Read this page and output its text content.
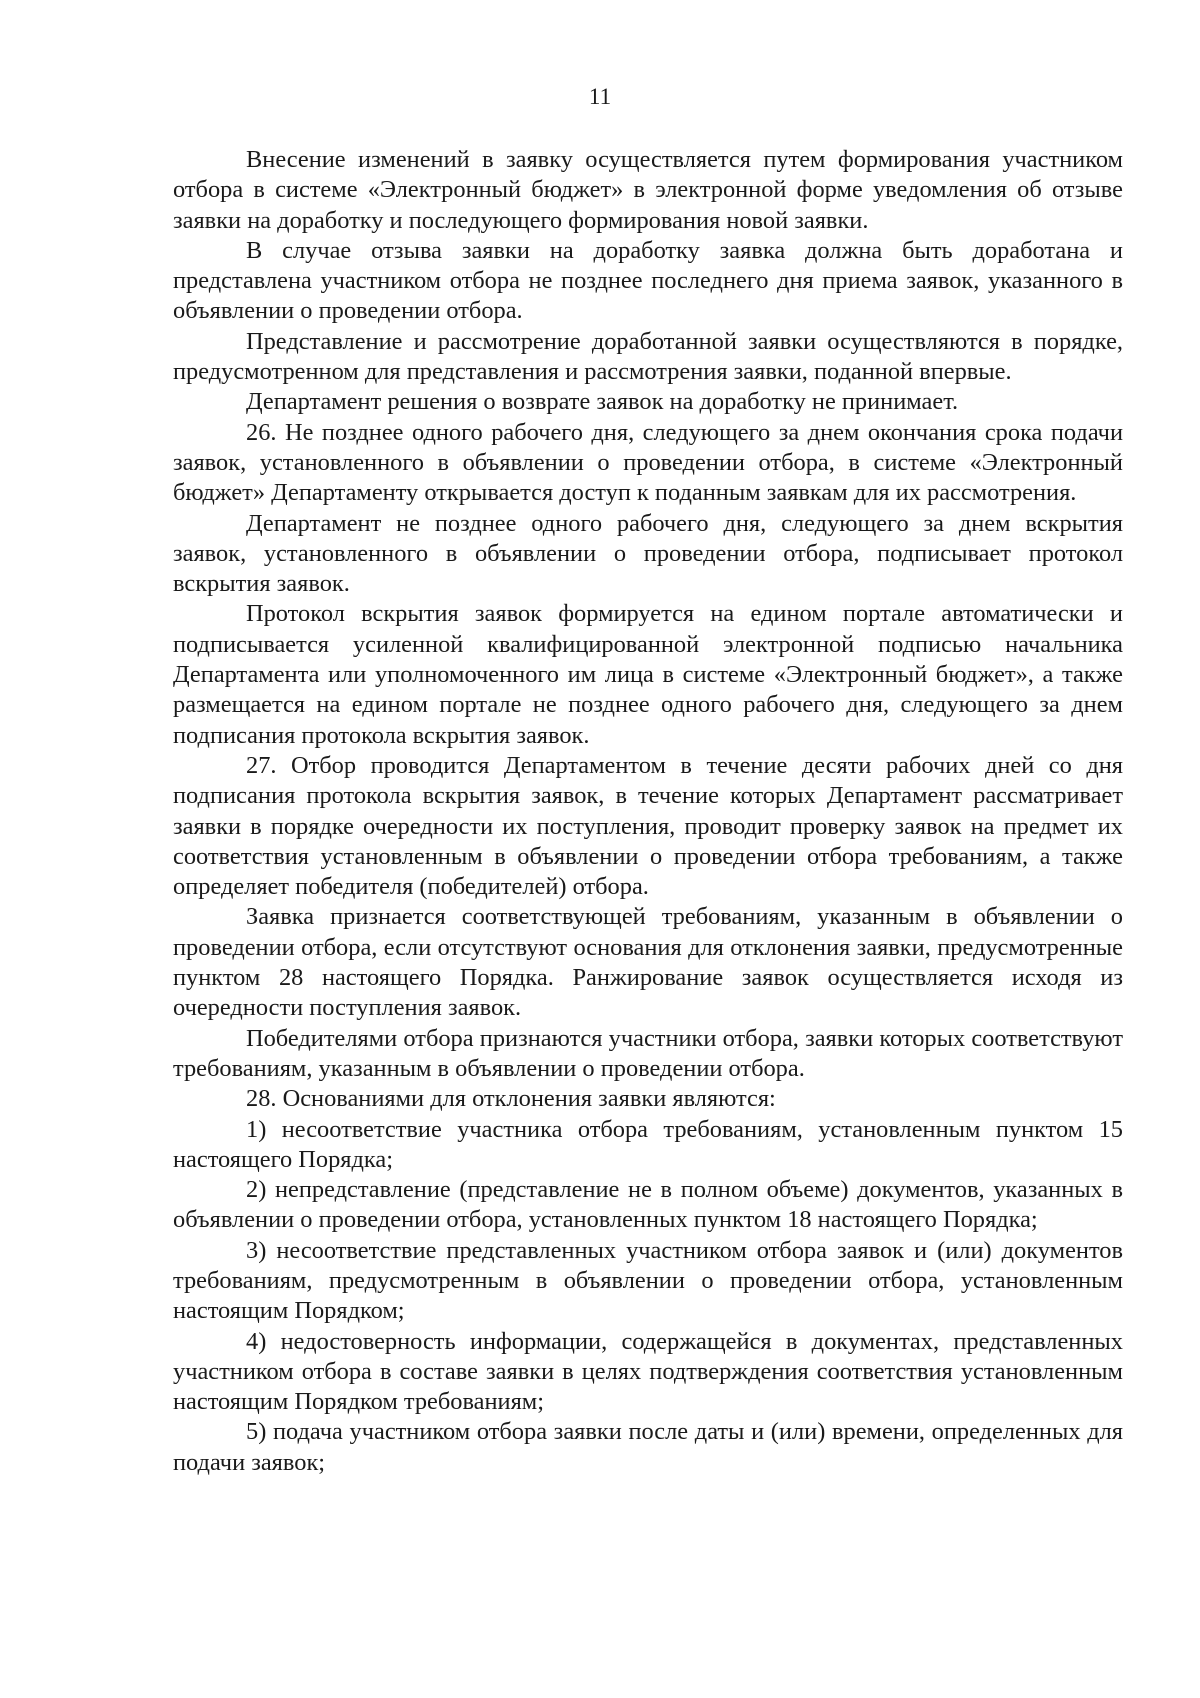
11

Внесение изменений в заявку осуществляется путем формирования участником отбора в системе «Электронный бюджет» в электронной форме уведомления об отзыве заявки на доработку и последующего формирования новой заявки.

В случае отзыва заявки на доработку заявка должна быть доработана и представлена участником отбора не позднее последнего дня приема заявок, указанного в объявлении о проведении отбора.

Представление и рассмотрение доработанной заявки осуществляются в порядке, предусмотренном для представления и рассмотрения заявки, поданной впервые.

Департамент решения о возврате заявок на доработку не принимает.

26. Не позднее одного рабочего дня, следующего за днем окончания срока подачи заявок, установленного в объявлении о проведении отбора, в системе «Электронный бюджет» Департаменту открывается доступ к поданным заявкам для их рассмотрения.

Департамент не позднее одного рабочего дня, следующего за днем вскрытия заявок, установленного в объявлении о проведении отбора, подписывает протокол вскрытия заявок.

Протокол вскрытия заявок формируется на едином портале автоматически и подписывается усиленной квалифицированной электронной подписью начальника Департамента или уполномоченного им лица в системе «Электронный бюджет», а также размещается на едином портале не позднее одного рабочего дня, следующего за днем подписания протокола вскрытия заявок.

27. Отбор проводится Департаментом в течение десяти рабочих дней со дня подписания протокола вскрытия заявок, в течение которых Департамент рассматривает заявки в порядке очередности их поступления, проводит проверку заявок на предмет их соответствия установленным в объявлении о проведении отбора требованиям, а также определяет победителя (победителей) отбора.

Заявка признается соответствующей требованиям, указанным в объявлении о проведении отбора, если отсутствуют основания для отклонения заявки, предусмотренные пунктом 28 настоящего Порядка. Ранжирование заявок осуществляется исходя из очередности поступления заявок.

Победителями отбора признаются участники отбора, заявки которых соответствуют требованиям, указанным в объявлении о проведении отбора.

28. Основаниями для отклонения заявки являются:

1) несоответствие участника отбора требованиям, установленным пунктом 15 настоящего Порядка;

2) непредставление (представление не в полном объеме) документов, указанных в объявлении о проведении отбора, установленных пунктом 18 настоящего Порядка;

3) несоответствие представленных участником отбора заявок и (или) документов требованиям, предусмотренным в объявлении о проведении отбора, установленным настоящим Порядком;

4) недостоверность информации, содержащейся в документах, представленных участником отбора в составе заявки в целях подтверждения соответствия установленным настоящим Порядком требованиям;

5) подача участником отбора заявки после даты и (или) времени, определенных для подачи заявок;
